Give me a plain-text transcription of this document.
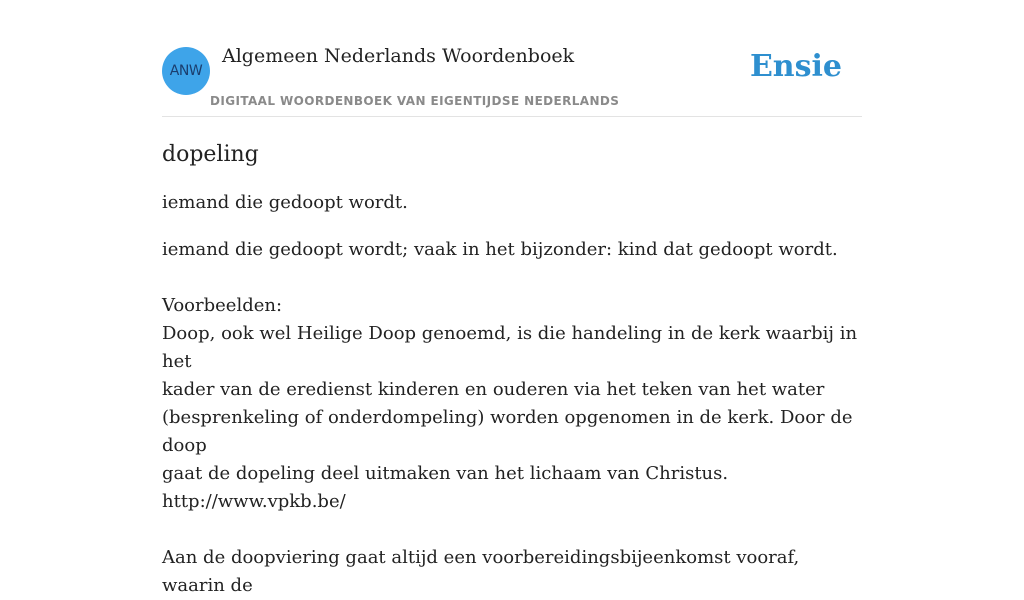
ANW
Algemeen Nederlands Woordenboek
DIGITAAL WOORDENBOEK VAN EIGENTIJDSE NEDERLANDS
Ensie
dopeling

iemand die gedoopt wordt.

iemand die gedoopt wordt; vaak in het bijzonder: kind dat gedoopt wordt.
Voorbeelden:
Doop, ook wel Heilige Doop genoemd, is die handeling in de kerk waarbij in het
kader van de eredienst kinderen en ouderen via het teken van het water
(besprenkeling of onderdompeling) worden opgenomen in de kerk. Door de doop
gaat de dopeling deel uitmaken van het lichaam van Christus.
http://www.vpkb.be/
Aan de doopviering gaat altijd een voorbereidingsbijeenkomst vooraf, waarin de
